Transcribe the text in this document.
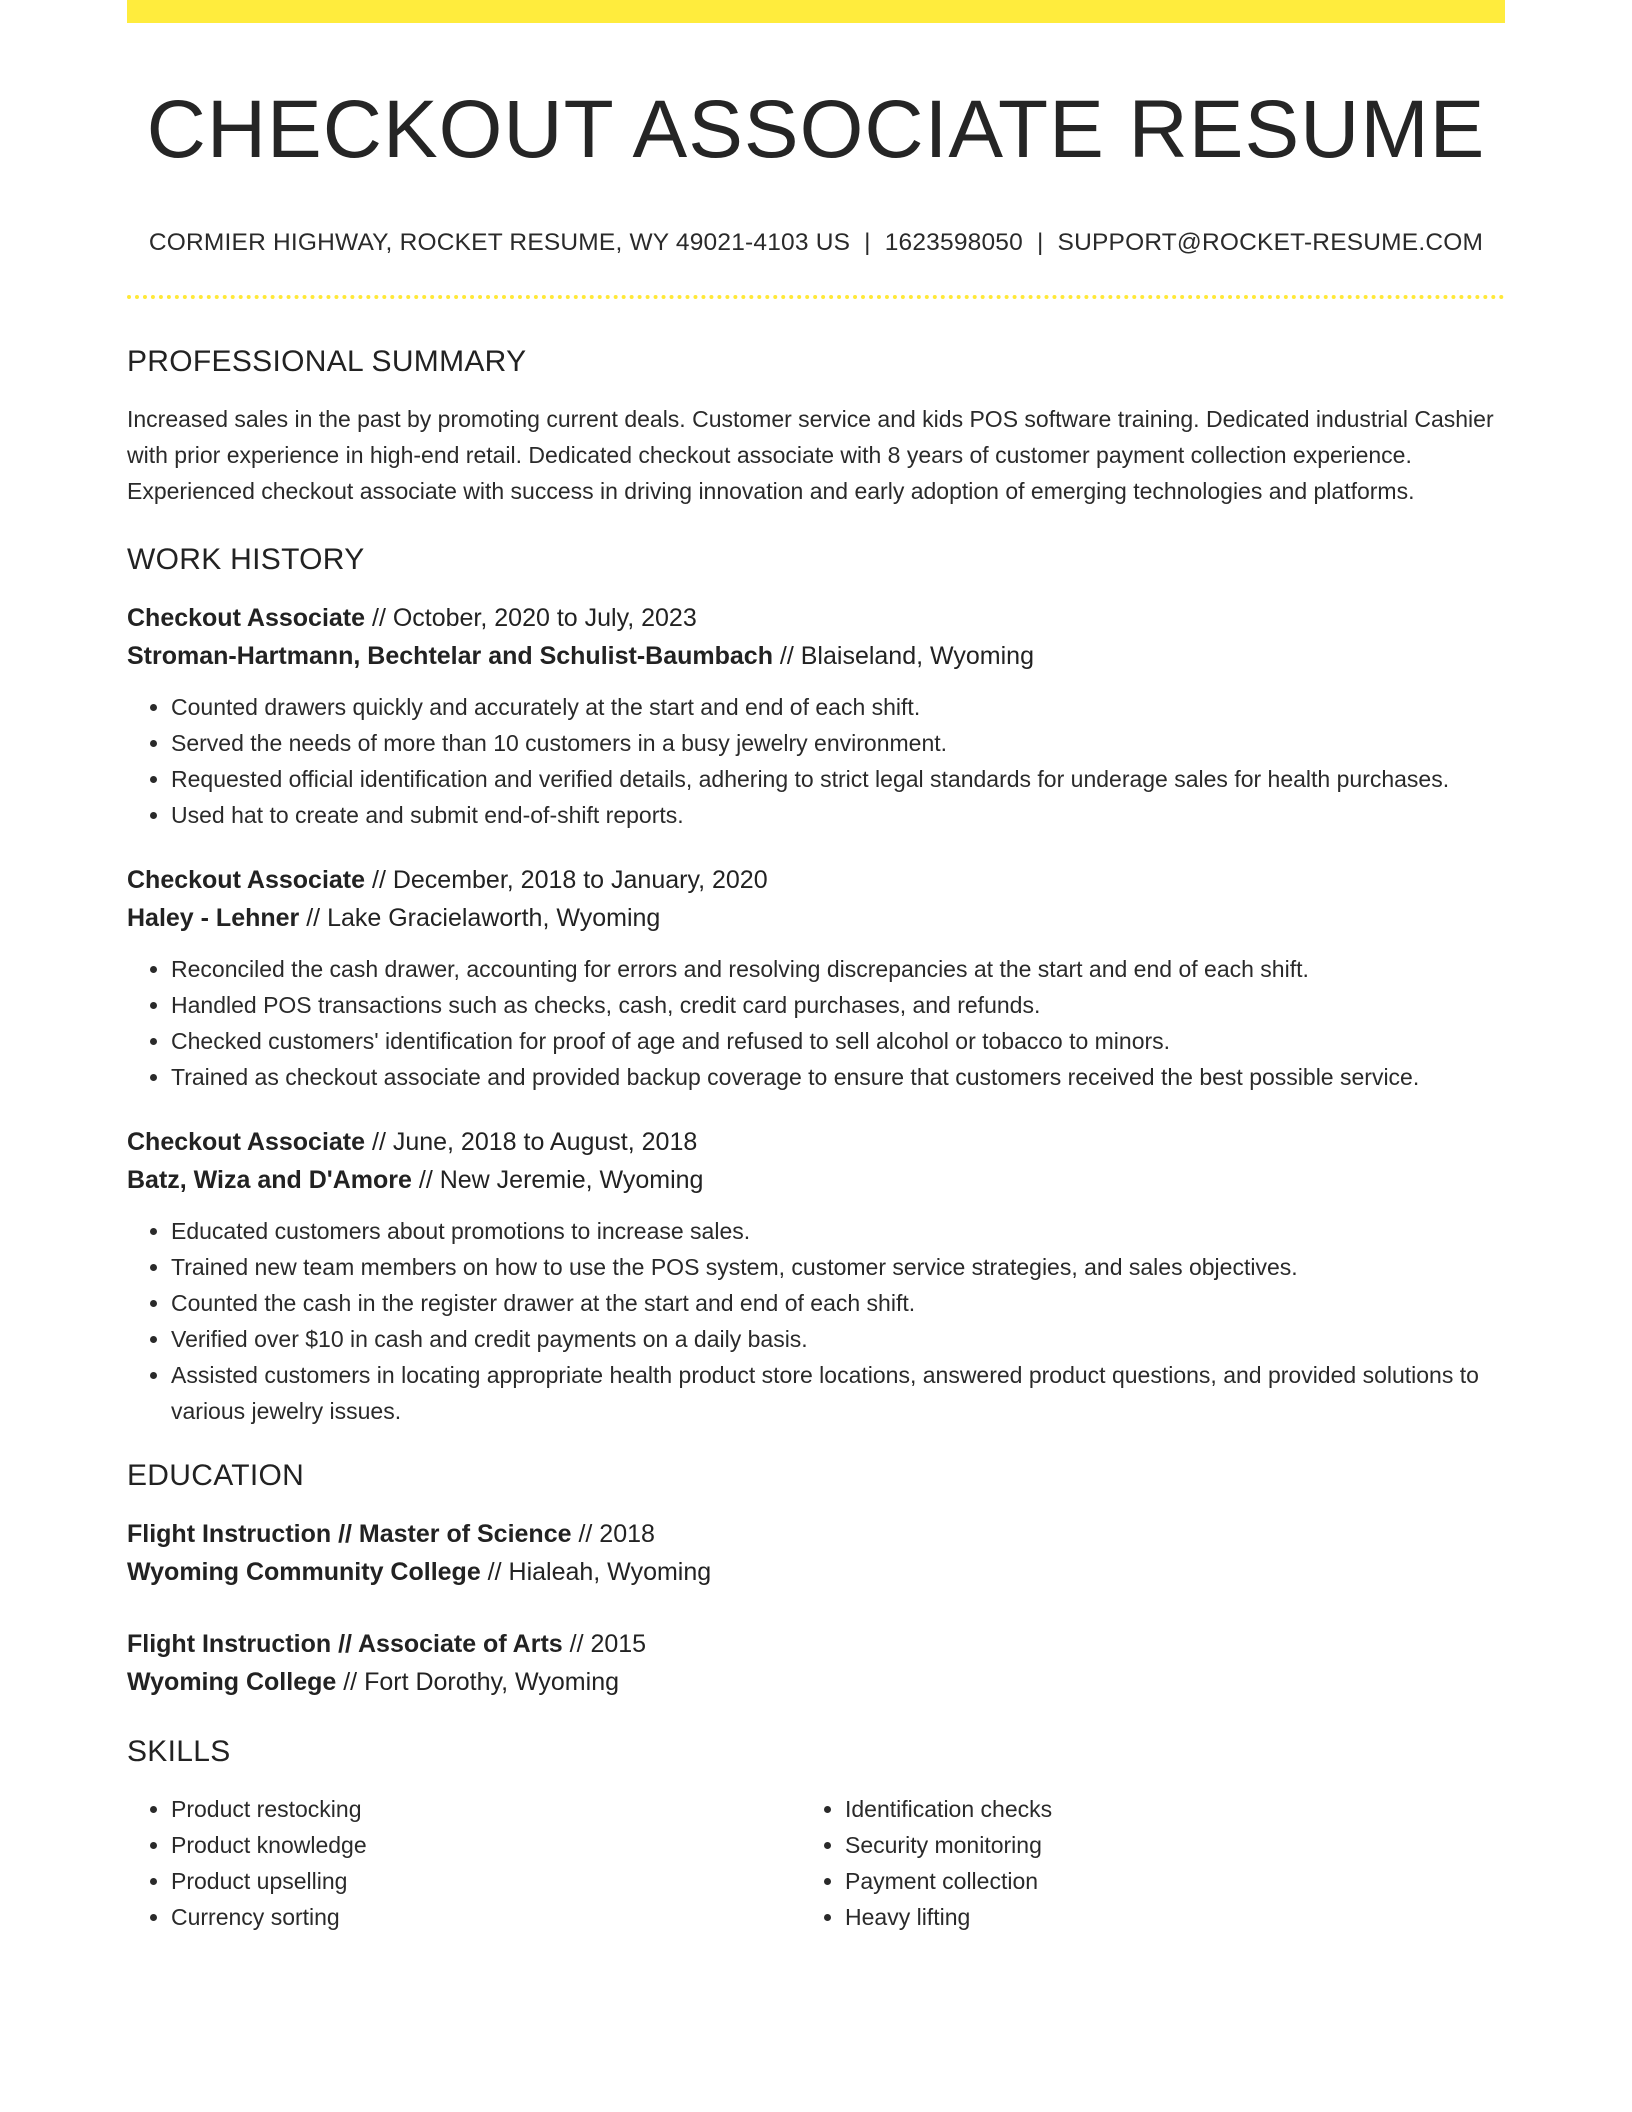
CHECKOUT ASSOCIATE RESUME
CORMIER HIGHWAY, ROCKET RESUME, WY 49021-4103 US | 1623598050 | SUPPORT@ROCKET-RESUME.COM
PROFESSIONAL SUMMARY

Increased sales in the past by promoting current deals. Customer service and kids POS software training. Dedicated industrial Cashier with prior experience in high-end retail. Dedicated checkout associate with 8 years of customer payment collection experience. Experienced checkout associate with success in driving innovation and early adoption of emerging technologies and platforms.

WORK HISTORY
Checkout Associate // October, 2020 to July, 2023
Stroman-Hartmann, Bechtelar and Schulist-Baumbach // Blaiseland, Wyoming
• Counted drawers quickly and accurately at the start and end of each shift.
• Served the needs of more than 10 customers in a busy jewelry environment.
• Requested official identification and verified details, adhering to strict legal standards for underage sales for health purchases.
• Used hat to create and submit end-of-shift reports.
Checkout Associate // December, 2018 to January, 2020
Haley - Lehner // Lake Gracielaworth, Wyoming
• Reconciled the cash drawer, accounting for errors and resolving discrepancies at the start and end of each shift.
• Handled POS transactions such as checks, cash, credit card purchases, and refunds.
• Checked customers' identification for proof of age and refused to sell alcohol or tobacco to minors.
• Trained as checkout associate and provided backup coverage to ensure that customers received the best possible service.
Checkout Associate // June, 2018 to August, 2018
Batz, Wiza and D'Amore // New Jeremie, Wyoming
• Educated customers about promotions to increase sales.
• Trained new team members on how to use the POS system, customer service strategies, and sales objectives.
• Counted the cash in the register drawer at the start and end of each shift.
• Verified over $10 in cash and credit payments on a daily basis.
• Assisted customers in locating appropriate health product store locations, answered product questions, and provided solutions to various jewelry issues.
EDUCATION
Flight Instruction // Master of Science // 2018
Wyoming Community College // Hialeah, Wyoming
Flight Instruction // Associate of Arts // 2015
Wyoming College // Fort Dorothy, Wyoming
SKILLS
• Product restocking
• Product knowledge
• Product upselling
• Currency sorting
• Identification checks
• Security monitoring
• Payment collection
• Heavy lifting
